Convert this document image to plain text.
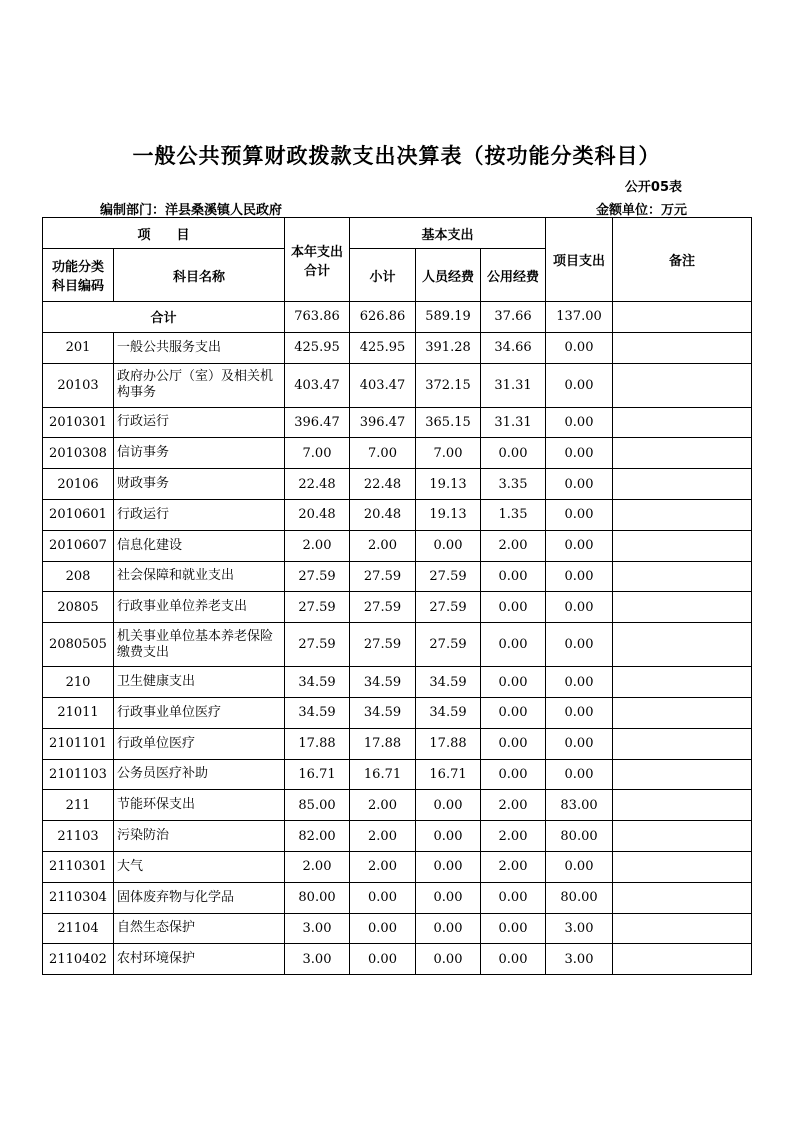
一般公共预算财政拨款支出决算表（按功能分类科目）
公开05表
编制部门：洋县桑溪镇人民政府	金额单位：万元
项　　目		本年支出合计	基本支出			项目支出	备注
功能分类科目编码	科目名称		小计	人员经费	公用经费		
合计		763.86	626.86	589.19	37.66	137.00	
201	一般公共服务支出	425.95	425.95	391.28	34.66	0.00	
20103	政府办公厅（室）及相关机构事务	403.47	403.47	372.15	31.31	0.00	
2010301	行政运行	396.47	396.47	365.15	31.31	0.00	
2010308	信访事务	7.00	7.00	7.00	0.00	0.00	
20106	财政事务	22.48	22.48	19.13	3.35	0.00	
2010601	行政运行	20.48	20.48	19.13	1.35	0.00	
2010607	信息化建设	2.00	2.00	0.00	2.00	0.00	
208	社会保障和就业支出	27.59	27.59	27.59	0.00	0.00	
20805	行政事业单位养老支出	27.59	27.59	27.59	0.00	0.00	
2080505	机关事业单位基本养老保险缴费支出	27.59	27.59	27.59	0.00	0.00	
210	卫生健康支出	34.59	34.59	34.59	0.00	0.00	
21011	行政事业单位医疗	34.59	34.59	34.59	0.00	0.00	
2101101	行政单位医疗	17.88	17.88	17.88	0.00	0.00	
2101103	公务员医疗补助	16.71	16.71	16.71	0.00	0.00	
211	节能环保支出	85.00	2.00	0.00	2.00	83.00	
21103	污染防治	82.00	2.00	0.00	2.00	80.00	
2110301	大气	2.00	2.00	0.00	2.00	0.00	
2110304	固体废弃物与化学品	80.00	0.00	0.00	0.00	80.00	
21104	自然生态保护	3.00	0.00	0.00	0.00	3.00	
2110402	农村环境保护	3.00	0.00	0.00	0.00	3.00	
